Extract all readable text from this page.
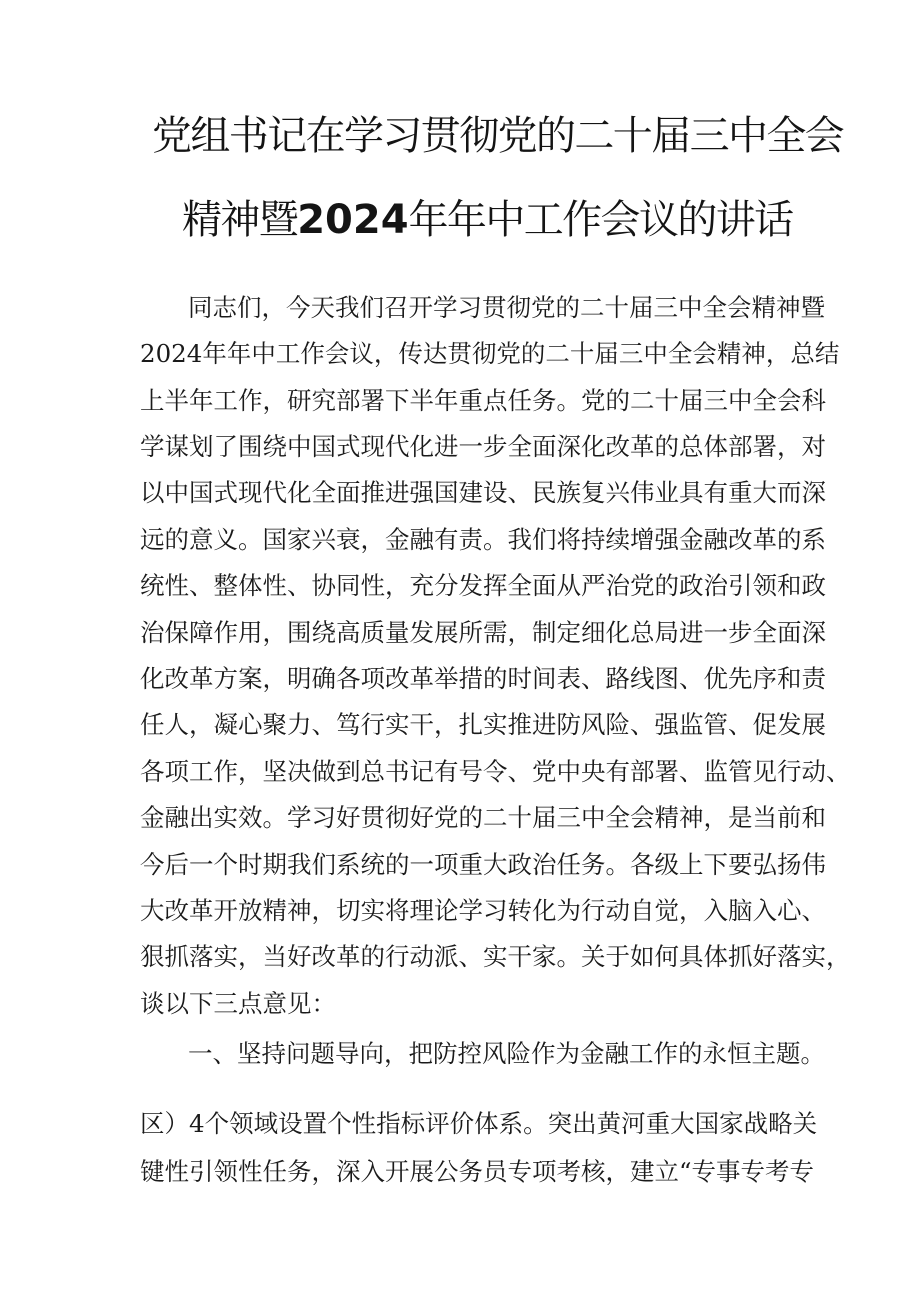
党组书记在学习贯彻党的二十届三中全会
精神暨2024年年中工作会议的讲话
同志们，今天我们召开学习贯彻党的二十届三中全会精神暨
2024年年中工作会议，传达贯彻党的二十届三中全会精神，总结
上半年工作，研究部署下半年重点任务。党的二十届三中全会科
学谋划了围绕中国式现代化进一步全面深化改革的总体部署，对
以中国式现代化全面推进强国建设、民族复兴伟业具有重大而深
远的意义。国家兴衰，金融有责。我们将持续增强金融改革的系
统性、整体性、协同性，充分发挥全面从严治党的政治引领和政
治保障作用，围绕高质量发展所需，制定细化总局进一步全面深
化改革方案，明确各项改革举措的时间表、路线图、优先序和责
任人，凝心聚力、笃行实干，扎实推进防风险、强监管、促发展
各项工作，坚决做到总书记有号令、党中央有部署、监管见行动、
金融出实效。学习好贯彻好党的二十届三中全会精神，是当前和
今后一个时期我们系统的一项重大政治任务。各级上下要弘扬伟
大改革开放精神，切实将理论学习转化为行动自觉，入脑入心、
狠抓落实，当好改革的行动派、实干家。关于如何具体抓好落实，
谈以下三点意见：
一、坚持问题导向，把防控风险作为金融工作的永恒主题。
区）4个领域设置个性指标评价体系。突出黄河重大国家战略关
键性引领性任务，深入开展公务员专项考核，建立“专事专考专
